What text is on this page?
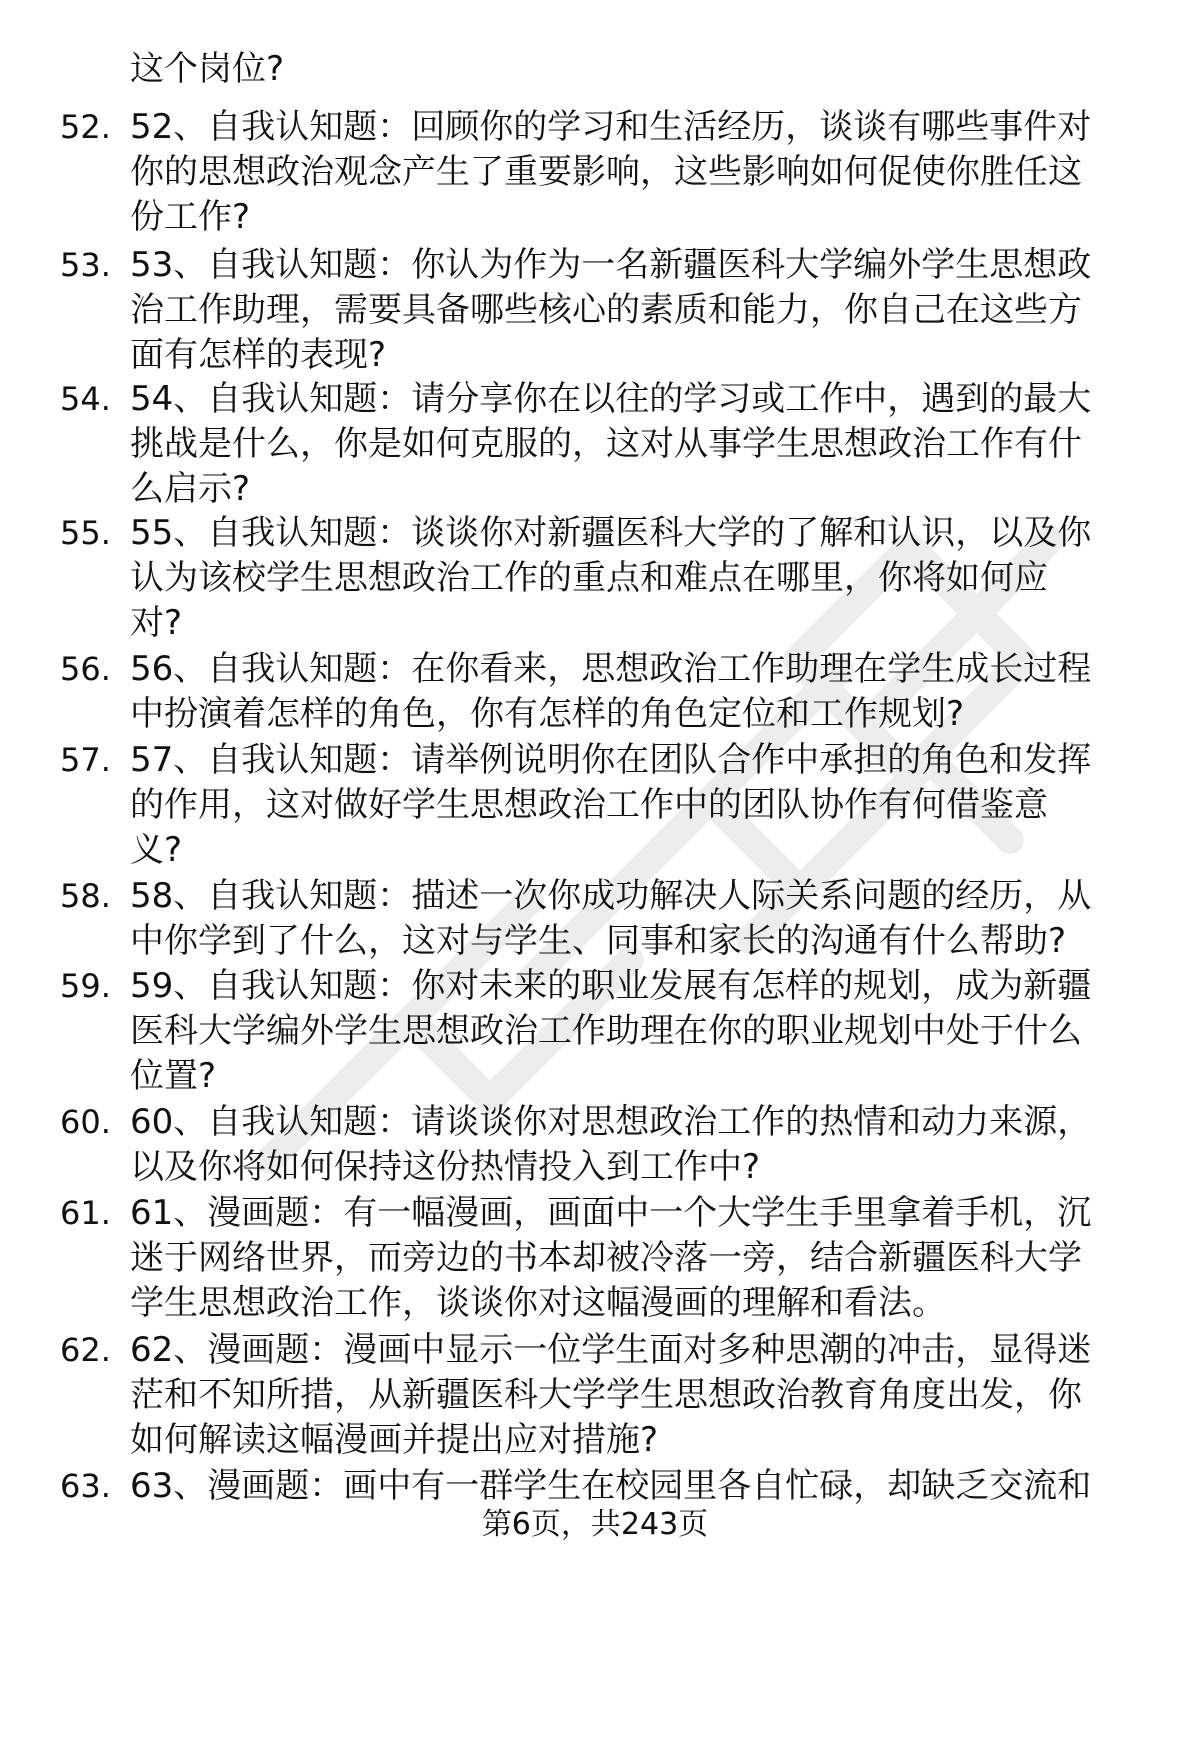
这个岗位?
52. 52、自我认知题：回顾你的学习和生活经历，谈谈有哪些事件对
你的思想政治观念产生了重要影响，这些影响如何促使你胜任这
份工作?
53. 53、自我认知题：你认为作为一名新疆医科大学编外学生思想政
治工作助理，需要具备哪些核心的素质和能力，你自己在这些方
面有怎样的表现?
54. 54、自我认知题：请分享你在以往的学习或工作中，遇到的最大
挑战是什么，你是如何克服的，这对从事学生思想政治工作有什
么启示?
55. 55、自我认知题：谈谈你对新疆医科大学的了解和认识，以及你
认为该校学生思想政治工作的重点和难点在哪里，你将如何应
对?
56. 56、自我认知题：在你看来，思想政治工作助理在学生成长过程
中扮演着怎样的角色，你有怎样的角色定位和工作规划?
57. 57、自我认知题：请举例说明你在团队合作中承担的角色和发挥
的作用，这对做好学生思想政治工作中的团队协作有何借鉴意
义?
58. 58、自我认知题：描述一次你成功解决人际关系问题的经历，从
中你学到了什么，这对与学生、同事和家长的沟通有什么帮助?
59. 59、自我认知题：你对未来的职业发展有怎样的规划，成为新疆
医科大学编外学生思想政治工作助理在你的职业规划中处于什么
位置?
60. 60、自我认知题：请谈谈你对思想政治工作的热情和动力来源，
以及你将如何保持这份热情投入到工作中?
61. 61、漫画题：有一幅漫画，画面中一个大学生手里拿着手机，沉
迷于网络世界，而旁边的书本却被冷落一旁，结合新疆医科大学
学生思想政治工作，谈谈你对这幅漫画的理解和看法。
62. 62、漫画题：漫画中显示一位学生面对多种思潮的冲击，显得迷
茫和不知所措，从新疆医科大学学生思想政治教育角度出发，你
如何解读这幅漫画并提出应对措施?
63. 63、漫画题：画中有一群学生在校园里各自忙碌，却缺乏交流和
第6页，共243页
